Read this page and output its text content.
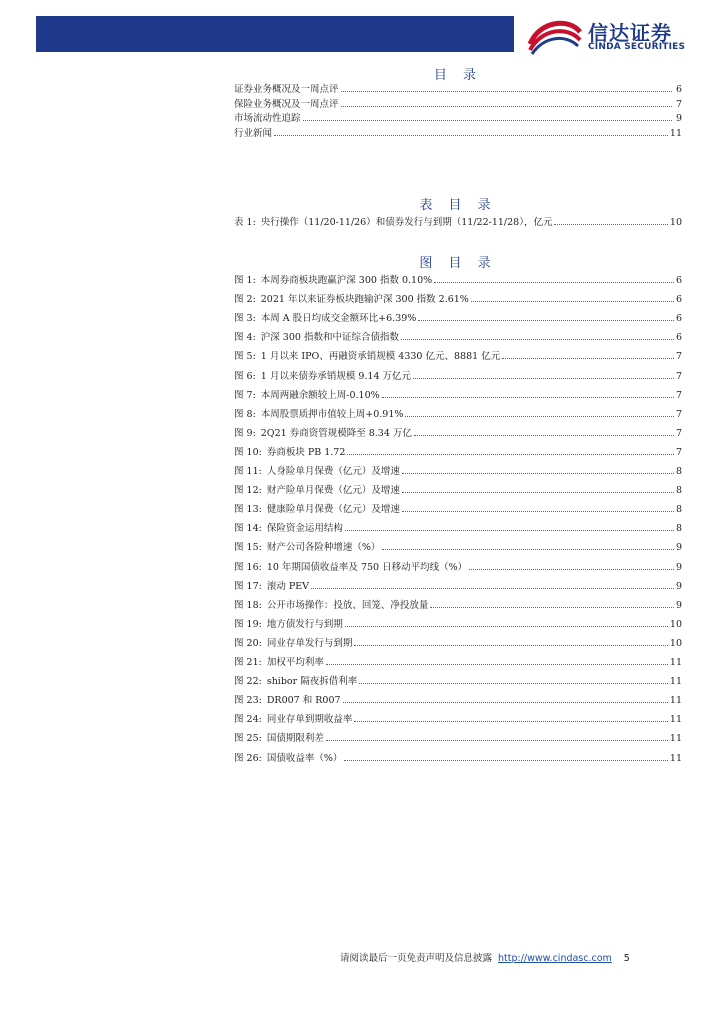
信达证券
CINDA SECURITIES
目 录
证券业务概况及一周点评	6
保险业务概况及一周点评	7
市场流动性追踪	9
行业新闻	11
表 目 录
表 1: 央行操作（11/20-11/26）和债券发行与到期（11/22-11/28），亿元	10
图 目 录
图 1: 本周券商板块跑赢沪深 300 指数 0.10%	6
图 2: 2021 年以来证券板块跑输沪深 300 指数 2.61%	6
图 3: 本周 A 股日均成交金额环比+6.39%	6
图 4: 沪深 300 指数和中证综合债指数	6
图 5: 1 月以来 IPO、再融资承销规模 4330 亿元、8881 亿元	7
图 6: 1 月以来债券承销规模 9.14 万亿元	7
图 7: 本周两融余额较上周-0.10%	7
图 8: 本周股票质押市值较上周+0.91%	7
图 9: 2Q21 券商资管规模降至 8.34 万亿	7
图 10: 券商板块 PB 1.72	7
图 11: 人身险单月保费（亿元）及增速	8
图 12: 财产险单月保费（亿元）及增速	8
图 13: 健康险单月保费（亿元）及增速	8
图 14: 保险资金运用结构	8
图 15: 财产公司各险种增速（%）	9
图 16: 10 年期国债收益率及 750 日移动平均线（%）	9
图 17: 滚动 PEV	9
图 18: 公开市场操作：投放、回笼、净投放量	9
图 19: 地方债发行与到期	10
图 20: 同业存单发行与到期	10
图 21: 加权平均利率	11
图 22: shibor 隔夜拆借利率	11
图 23: DR007 和 R007	11
图 24: 同业存单到期收益率	11
图 25: 国债期限利差	11
图 26: 国债收益率（%）	11
请阅读最后一页免责声明及信息披露 http://www.cindasc.com 5
